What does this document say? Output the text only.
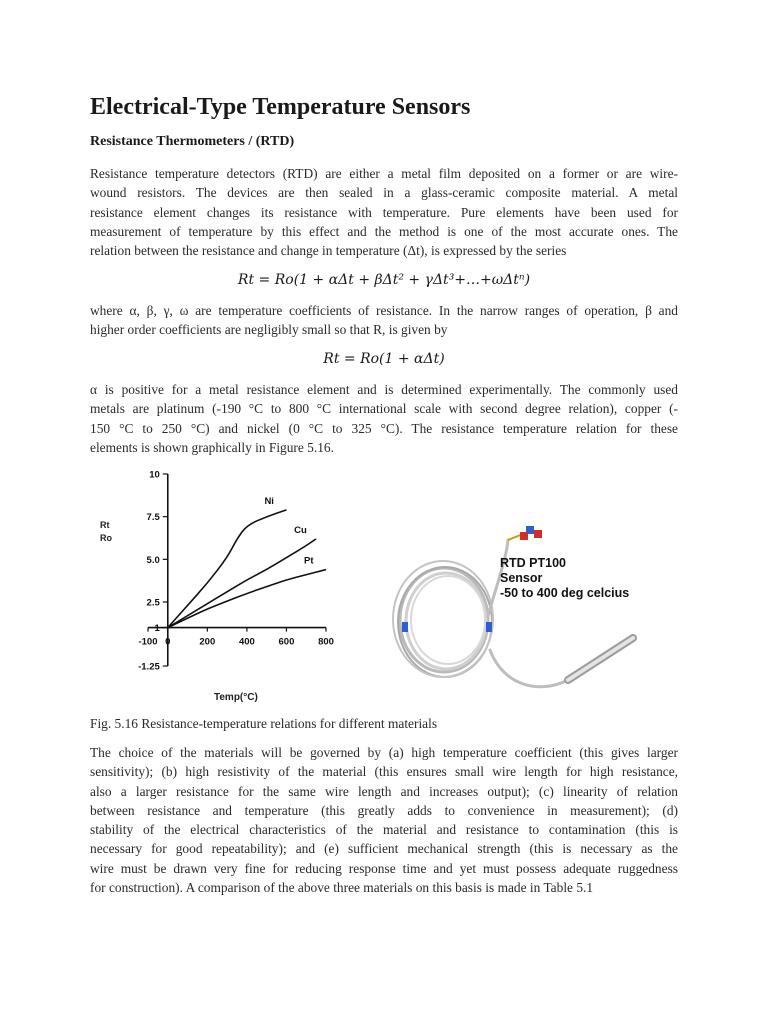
Electrical-Type Temperature Sensors
Resistance Thermometers / (RTD)
Resistance temperature detectors (RTD) are either a metal film deposited on a former or are wire-
wound resistors. The devices are then sealed in a glass-ceramic composite material. A metal
resistance element changes its resistance with temperature. Pure elements have been used for
measurement of temperature by this effect and the method is one of the most accurate ones. The
relation between the resistance and change in temperature (Δt), is expressed by the series
Rt = Ro(1 + αΔt + βΔt² + γΔt³+…+ωΔtⁿ)
where α, β, γ, ω are temperature coefficients of resistance. In the narrow ranges of operation, β and
higher order coefficients are negligibly small so that R, is given by
Rt = Ro(1 + αΔt)
α is positive for a metal resistance element and is determined experimentally. The commonly used
metals are platinum (-190 °C to 800 °C international scale with second degree relation), copper (-
150 °C to 250 °C) and nickel (0 °C to 325 °C). The resistance temperature relation for these
elements is shown graphically in Figure 5.16.
Fig. 5.16 Resistance-temperature relations for different materials
The choice of the materials will be governed by (a) high temperature coefficient (this gives larger
sensitivity); (b) high resistivity of the material (this ensures small wire length for high resistance,
also a larger resistance for the same wire length and increases output); (c) linearity of relation
between resistance and temperature (this greatly adds to convenience in measurement); (d)
stability of the electrical characteristics of the material and resistance to contamination (this is
necessary for good repeatability); and (e) sufficient mechanical strength (this is necessary as the
wire must be drawn very fine for reducing response time and yet must possess adequate ruggedness
for construction). A comparison of the above three materials on this basis is made in Table 5.1
10
7.5
5.0
2.5
1
-1.25
-100 0	200 400 600 800
Ni
Cu
Pt
Rt Ro
Temp(°C)
RTD PT100
Sensor
-50 to 400 deg celcius
